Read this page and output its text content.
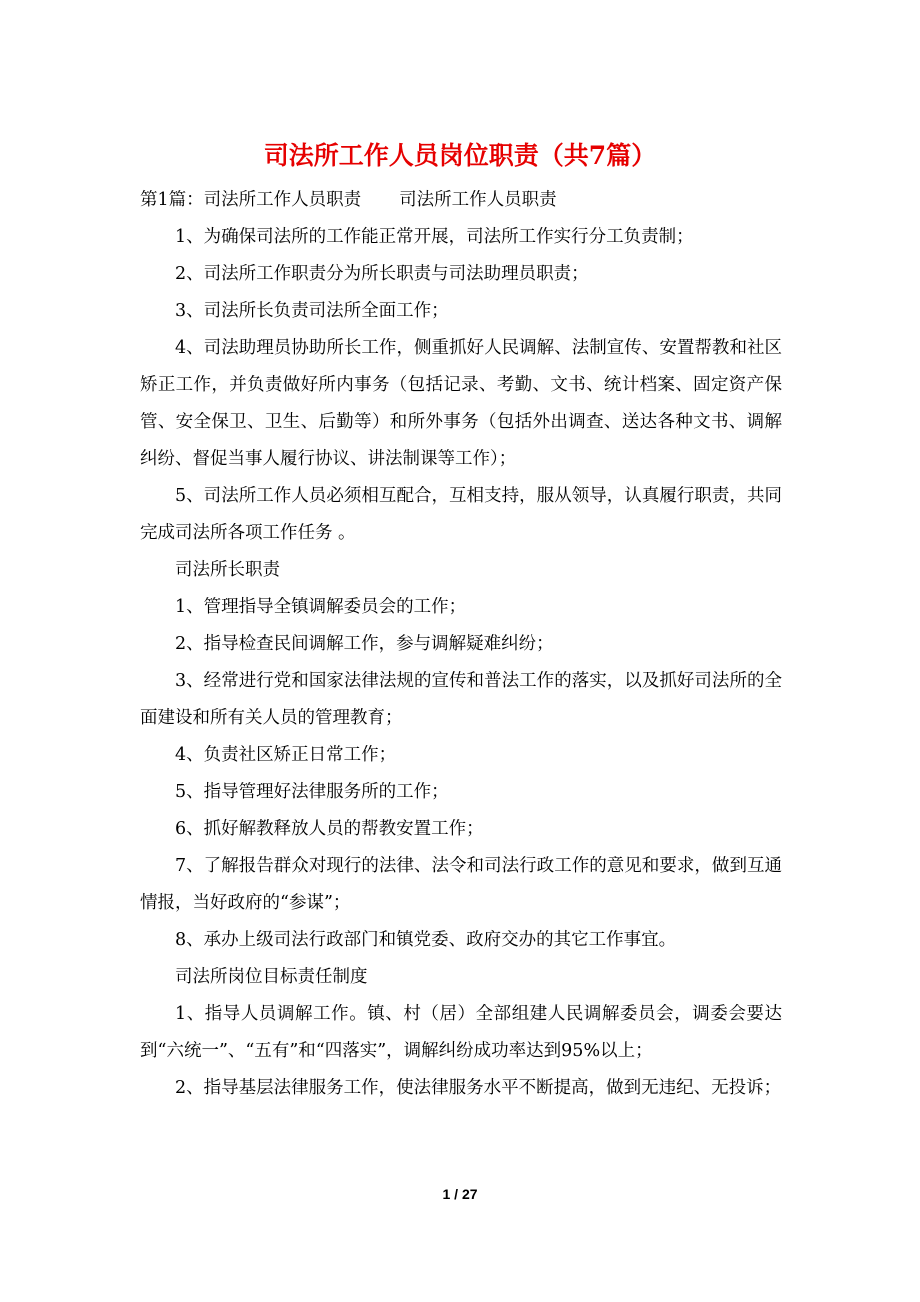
司法所工作人员岗位职责（共7篇）

第1篇：司法所工作人员职责 司法所工作人员职责

1、为确保司法所的工作能正常开展，司法所工作实行分工负责制；

2、司法所工作职责分为所长职责与司法助理员职责；

3、司法所长负责司法所全面工作；

4、司法助理员协助所长工作，侧重抓好人民调解、法制宣传、安置帮教和社区矫正工作，并负责做好所内事务（包括记录、考勤、文书、统计档案、固定资产保管、安全保卫、卫生、后勤等）和所外事务（包括外出调查、送达各种文书、调解纠纷、督促当事人履行协议、讲法制课等工作）；

5、司法所工作人员必须相互配合，互相支持，服从领导，认真履行职责，共同完成司法所各项工作任务 。

司法所长职责

1、管理指导全镇调解委员会的工作；

2、指导检查民间调解工作，参与调解疑难纠纷；

3、经常进行党和国家法律法规的宣传和普法工作的落实，以及抓好司法所的全面建设和所有关人员的管理教育；

4、负责社区矫正日常工作；

5、指导管理好法律服务所的工作；

6、抓好解教释放人员的帮教安置工作；

7、了解报告群众对现行的法律、法令和司法行政工作的意见和要求，做到互通情报，当好政府的“参谋”；

8、承办上级司法行政部门和镇党委、政府交办的其它工作事宜。

司法所岗位目标责任制度

1、指导人员调解工作。镇、村（居）全部组建人民调解委员会，调委会要达到“六统一”、“五有”和“四落实”，调解纠纷成功率达到95%以上；

2、指导基层法律服务工作，使法律服务水平不断提高，做到无违纪、无投诉；

1 / 27
